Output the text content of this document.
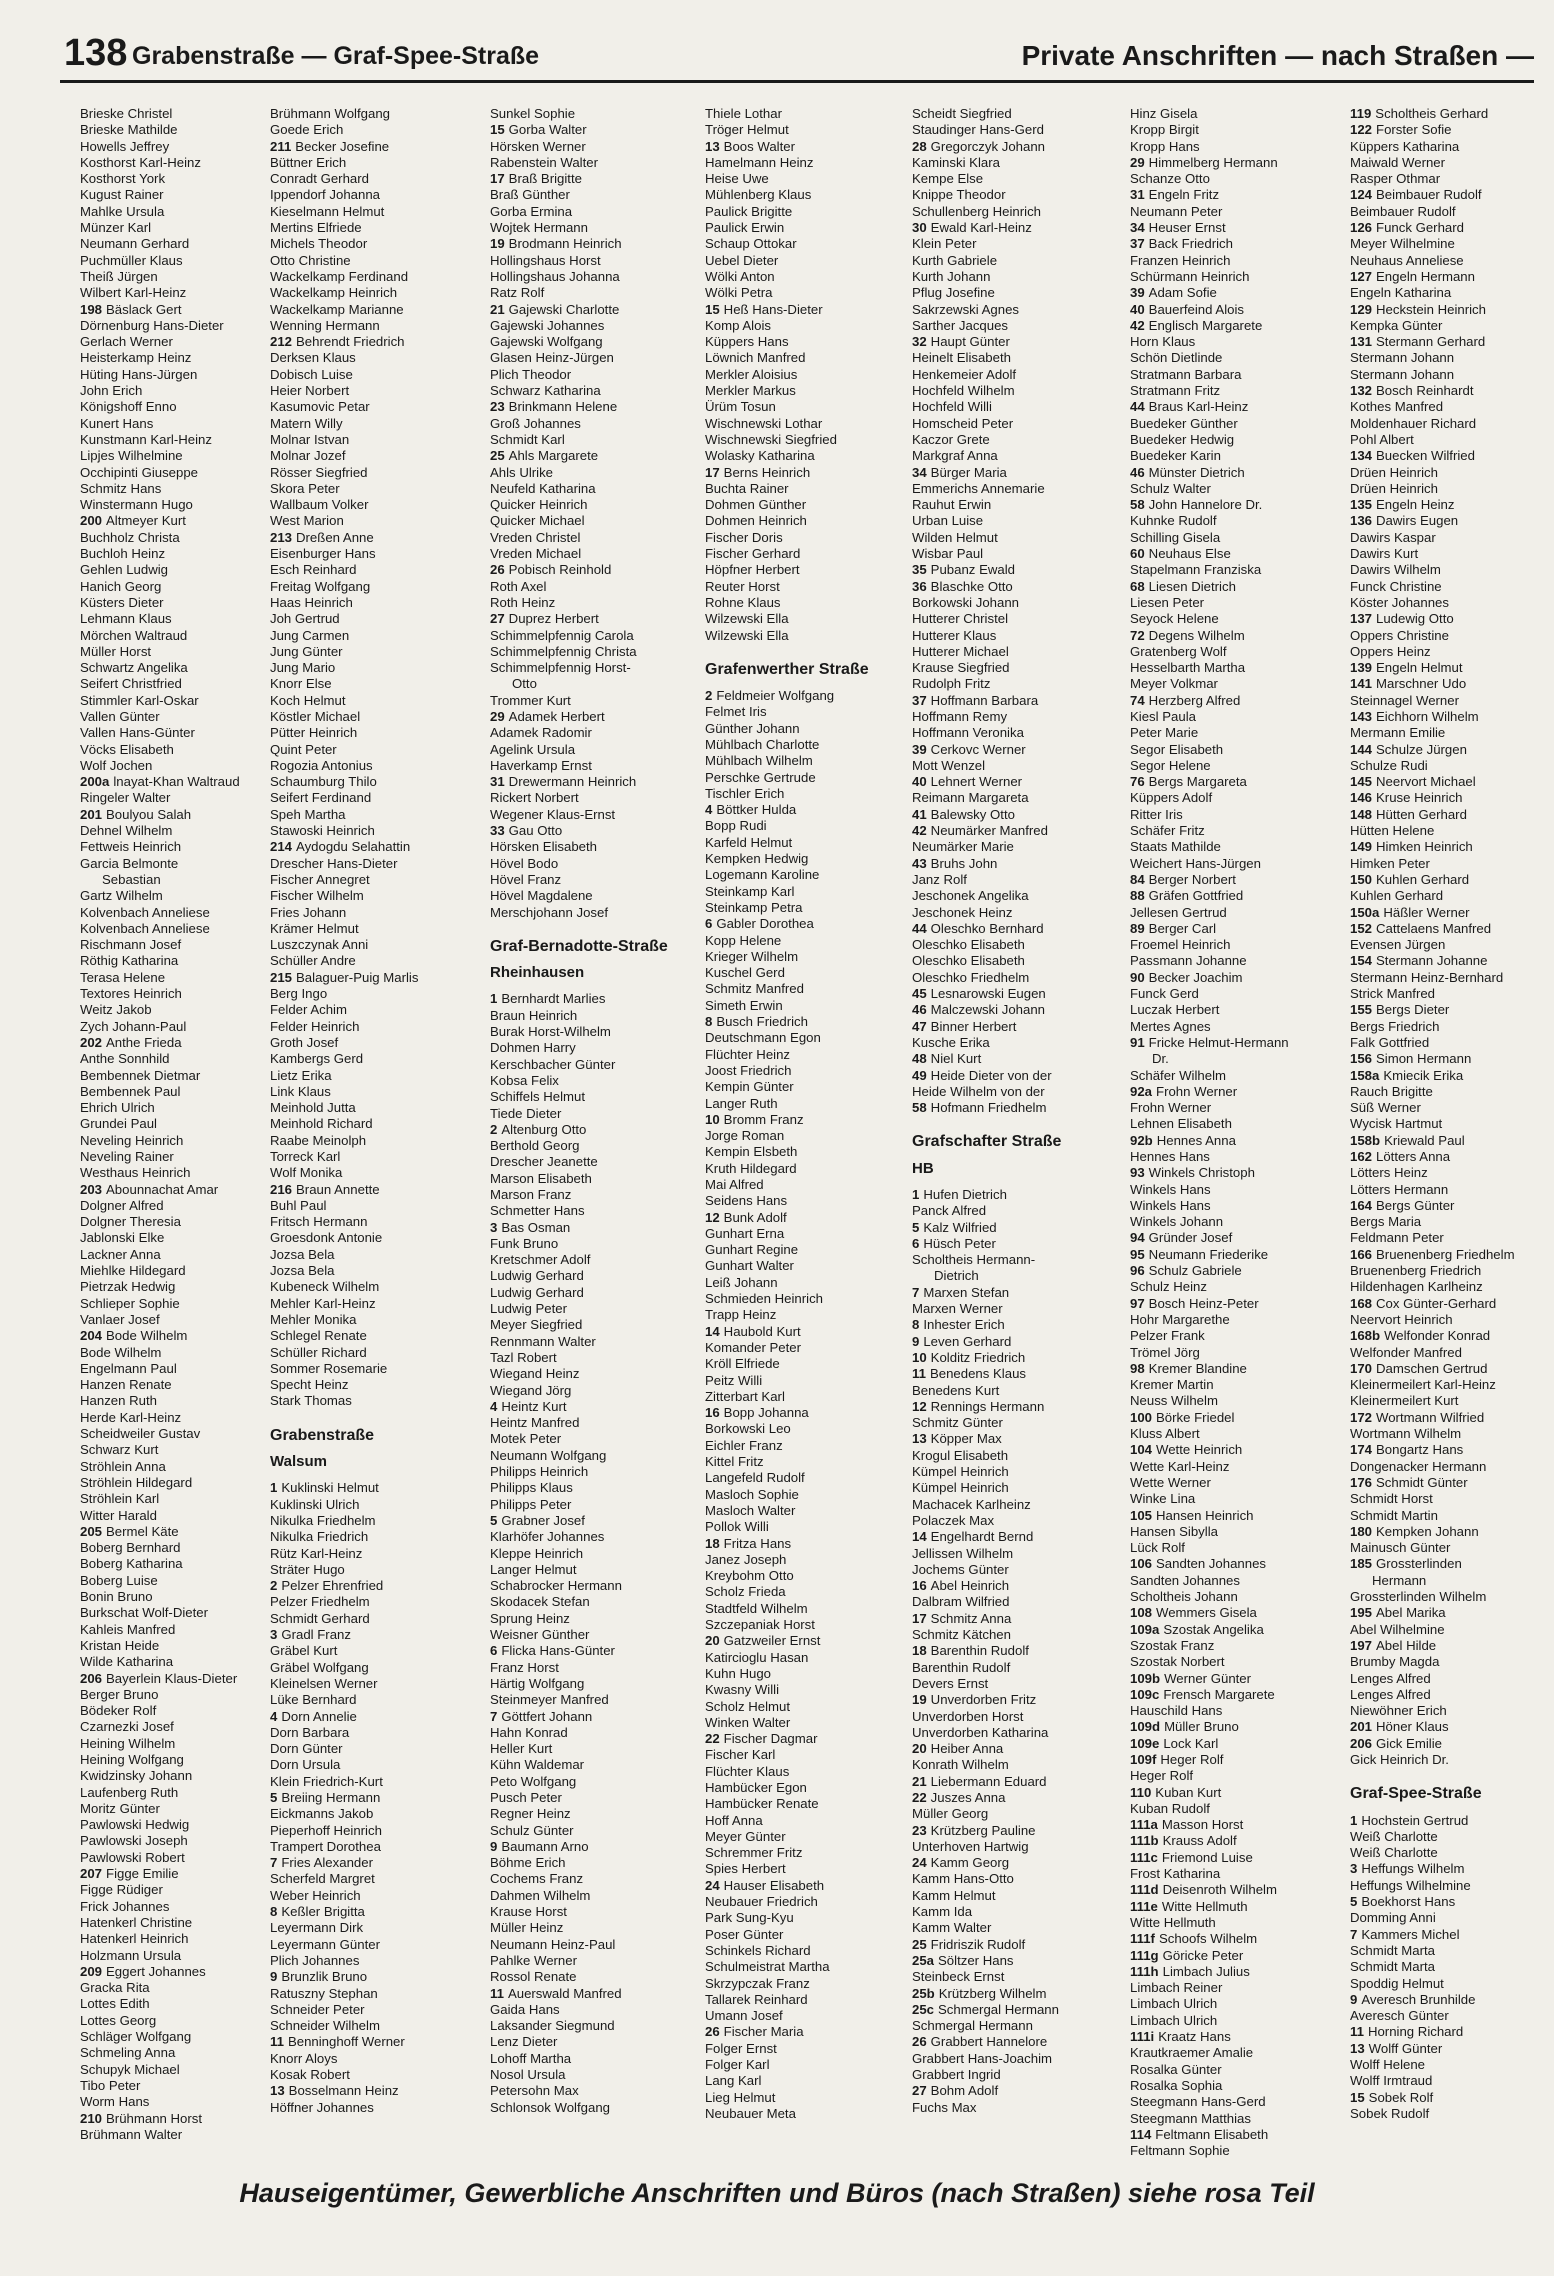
138 Grabenstraße — Graf-Spee-Straße	Private Anschriften — nach Straßen —
Brieske Christel
Brieske Mathilde
Howells Jeffrey
Kosthorst Karl-Heinz
Kosthorst York
Kugust Rainer
Mahlke Ursula
Münzer Karl
Neumann Gerhard
Puchmüller Klaus
Theiß Jürgen
Wilbert Karl-Heinz
198 Bäslack Gert
Dörnenburg Hans-Dieter
Gerlach Werner
Heisterkamp Heinz
Hüting Hans-Jürgen
John Erich
Königshoff Enno
Kunert Hans
Kunstmann Karl-Heinz
Lipjes Wilhelmine
Occhipinti Giuseppe
Schmitz Hans
Winstermann Hugo
200 Altmeyer Kurt
Buchholz Christa
Buchloh Heinz
Gehlen Ludwig
Hanich Georg
Küsters Dieter
Lehmann Klaus
Mörchen Waltraud
Müller Horst
Schwartz Angelika
Seifert Christfried
Stimmler Karl-Oskar
Vallen Günter
Vallen Hans-Günter
Vöcks Elisabeth
Wolf Jochen
200a lnayat-Khan Waltraud
Ringeler Walter
201 Boulyou Salah
Dehnel Wilhelm
Fettweis Heinrich
Garcia Belmonte
Sebastian
Gartz Wilhelm
Kolvenbach Anneliese
Kolvenbach Anneliese
Rischmann Josef
Röthig Katharina
Terasa Helene
Textores Heinrich
Weitz Jakob
Zych Johann-Paul
202 Anthe Frieda
Anthe Sonnhild
Bembennek Dietmar
Bembennek Paul
Ehrich Ulrich
Grundei Paul
Neveling Heinrich
Neveling Rainer
Westhaus Heinrich
203 Abounnachat Amar
Dolgner Alfred
Dolgner Theresia
Jablonski Elke
Lackner Anna
Miehlke Hildegard
Pietrzak Hedwig
Schlieper Sophie
Vanlaer Josef
204 Bode Wilhelm
Bode Wilhelm
Engelmann Paul
Hanzen Renate
Hanzen Ruth
Herde Karl-Heinz
Scheidweiler Gustav
Schwarz Kurt
Ströhlein Anna
Ströhlein Hildegard
Ströhlein Karl
Witter Harald
205 Bermel Käte
Boberg Bernhard
Boberg Katharina
Boberg Luise
Bonin Bruno
Burkschat Wolf-Dieter
Kahleis Manfred
Kristan Heide
Wilde Katharina
206 Bayerlein Klaus-Dieter
Berger Bruno
Bödeker Rolf
Czarnezki Josef
Heining Wilhelm
Heining Wolfgang
Kwidzinsky Johann
Laufenberg Ruth
Moritz Günter
Pawlowski Hedwig
Pawlowski Joseph
Pawlowski Robert
207 Figge Emilie
Figge Rüdiger
Frick Johannes
Hatenkerl Christine
Hatenkerl Heinrich
Holzmann Ursula
209 Eggert Johannes
Gracka Rita
Lottes Edith
Lottes Georg
Schläger Wolfgang
Schmeling Anna
Schupyk Michael
Tibo Peter
Worm Hans
210 Brühmann Horst
Brühmann Walter
Brühmann Wolfgang
Goede Erich
211 Becker Josefine
Büttner Erich
Conradt Gerhard
Ippendorf Johanna
Kieselmann Helmut
Mertins Elfriede
Michels Theodor
Otto Christine
Wackelkamp Ferdinand
Wackelkamp Heinrich
Wackelkamp Marianne
Wenning Hermann
212 Behrendt Friedrich
Derksen Klaus
Dobisch Luise
Heier Norbert
Kasumovic Petar
Matern Willy
Molnar Istvan
Molnar Jozef
Rösser Siegfried
Skora Peter
Wallbaum Volker
West Marion
213 Dreßen Anne
Eisenburger Hans
Esch Reinhard
Freitag Wolfgang
Haas Heinrich
Joh Gertrud
Jung Carmen
Jung Günter
Jung Mario
Knorr Else
Koch Helmut
Köstler Michael
Pütter Heinrich
Quint Peter
Rogozia Antonius
Schaumburg Thilo
Seifert Ferdinand
Speh Martha
Stawoski Heinrich
214 Aydogdu Selahattin
Drescher Hans-Dieter
Fischer Annegret
Fischer Wilhelm
Fries Johann
Krämer Helmut
Luszczynak Anni
Schüller Andre
215 Balaguer-Puig Marlis
Berg Ingo
Felder Achim
Felder Heinrich
Groth Josef
Kambergs Gerd
Lietz Erika
Link Klaus
Meinhold Jutta
Meinhold Richard
Raabe Meinolph
Torreck Karl
Wolf Monika
216 Braun Annette
Buhl Paul
Fritsch Hermann
Groesdonk Antonie
Jozsa Bela
Jozsa Bela
Kubeneck Wilhelm
Mehler Karl-Heinz
Mehler Monika
Schlegel Renate
Schüller Richard
Sommer Rosemarie
Specht Heinz
Stark Thomas
Grabenstraße
Walsum
1 Kuklinski Helmut
Kuklinski Ulrich
Nikulka Friedhelm
Nikulka Friedrich
Rütz Karl-Heinz
Sträter Hugo
2 Pelzer Ehrenfried
Pelzer Friedhelm
Schmidt Gerhard
3 Gradl Franz
Gräbel Kurt
Gräbel Wolfgang
Kleinelsen Werner
Lüke Bernhard
4 Dorn Annelie
Dorn Barbara
Dorn Günter
Dorn Ursula
Klein Friedrich-Kurt
5 Breiing Hermann
Eickmanns Jakob
Pieperhoff Heinrich
Trampert Dorothea
7 Fries Alexander
Scherfeld Margret
Weber Heinrich
8 Keßler Brigitta
Leyermann Dirk
Leyermann Günter
Plich Johannes
9 Brunzlik Bruno
Ratuszny Stephan
Schneider Peter
Schneider Wilhelm
11 Benninghoff Werner
Knorr Aloys
Kosak Robert
13 Bosselmann Heinz
Höffner Johannes
Sunkel Sophie
15 Gorba Walter
Hörsken Werner
Rabenstein Walter
17 Braß Brigitte
Braß Günther
Gorba Ermina
Wojtek Hermann
19 Brodmann Heinrich
Hollingshaus Horst
Hollingshaus Johanna
Ratz Rolf
21 Gajewski Charlotte
Gajewski Johannes
Gajewski Wolfgang
Glasen Heinz-Jürgen
Plich Theodor
Schwarz Katharina
23 Brinkmann Helene
Groß Johannes
Schmidt Karl
25 Ahls Margarete
Ahls Ulrike
Neufeld Katharina
Quicker Heinrich
Quicker Michael
Vreden Christel
Vreden Michael
26 Pobisch Reinhold
Roth Axel
Roth Heinz
27 Duprez Herbert
Schimmelpfennig Carola
Schimmelpfennig Christa
Schimmelpfennig Horst-
Otto
Trommer Kurt
29 Adamek Herbert
Adamek Radomir
Agelink Ursula
Haverkamp Ernst
31 Drewermann Heinrich
Rickert Norbert
Wegener Klaus-Ernst
33 Gau Otto
Hörsken Elisabeth
Hövel Bodo
Hövel Franz
Hövel Magdalene
Merschjohann Josef
Graf-Bernadotte-Straße
Rheinhausen
1 Bernhardt Marlies
Braun Heinrich
Burak Horst-Wilhelm
Dohmen Harry
Kerschbacher Günter
Kobsa Felix
Schiffels Helmut
Tiede Dieter
2 Altenburg Otto
Berthold Georg
Drescher Jeanette
Marson Elisabeth
Marson Franz
Schmetter Hans
3 Bas Osman
Funk Bruno
Kretschmer Adolf
Ludwig Gerhard
Ludwig Gerhard
Ludwig Peter
Meyer Siegfried
Rennmann Walter
Tazl Robert
Wiegand Heinz
Wiegand Jörg
4 Heintz Kurt
Heintz Manfred
Motek Peter
Neumann Wolfgang
Philipps Heinrich
Philipps Klaus
Philipps Peter
5 Grabner Josef
Klarhöfer Johannes
Kleppe Heinrich
Langer Helmut
Schabrocker Hermann
Skodacek Stefan
Sprung Heinz
Weisner Günther
6 Flicka Hans-Günter
Franz Horst
Härtig Wolfgang
Steinmeyer Manfred
7 Göttfert Johann
Hahn Konrad
Heller Kurt
Kühn Waldemar
Peto Wolfgang
Pusch Peter
Regner Heinz
Schulz Günter
9 Baumann Arno
Böhme Erich
Cochems Franz
Dahmen Wilhelm
Krause Horst
Müller Heinz
Neumann Heinz-Paul
Pahlke Werner
Rossol Renate
11 Auerswald Manfred
Gaida Hans
Laksander Siegmund
Lenz Dieter
Lohoff Martha
Nosol Ursula
Petersohn Max
Schlonsok Wolfgang
Thiele Lothar
Tröger Helmut
13 Boos Walter
Hamelmann Heinz
Heise Uwe
Mühlenberg Klaus
Paulick Brigitte
Paulick Erwin
Schaup Ottokar
Uebel Dieter
Wölki Anton
Wölki Petra
15 Heß Hans-Dieter
Komp Alois
Küppers Hans
Löwnich Manfred
Merkler Aloisius
Merkler Markus
Ürüm Tosun
Wischnewski Lothar
Wischnewski Siegfried
Wolasky Katharina
17 Berns Heinrich
Buchta Rainer
Dohmen Günther
Dohmen Heinrich
Fischer Doris
Fischer Gerhard
Höpfner Herbert
Reuter Horst
Rohne Klaus
Wilzewski Ella
Wilzewski Ella
Grafenwerther Straße
2 Feldmeier Wolfgang
Felmet Iris
Günther Johann
Mühlbach Charlotte
Mühlbach Wilhelm
Perschke Gertrude
Tischler Erich
4 Böttker Hulda
Bopp Rudi
Karfeld Helmut
Kempken Hedwig
Logemann Karoline
Steinkamp Karl
Steinkamp Petra
6 Gabler Dorothea
Kopp Helene
Krieger Wilhelm
Kuschel Gerd
Schmitz Manfred
Simeth Erwin
8 Busch Friedrich
Deutschmann Egon
Flüchter Heinz
Joost Friedrich
Kempin Günter
Langer Ruth
10 Bromm Franz
Jorge Roman
Kempin Elsbeth
Kruth Hildegard
Mai Alfred
Seidens Hans
12 Bunk Adolf
Gunhart Erna
Gunhart Regine
Gunhart Walter
Leiß Johann
Schmieden Heinrich
Trapp Heinz
14 Haubold Kurt
Komander Peter
Kröll Elfriede
Peitz Willi
Zitterbart Karl
16 Bopp Johanna
Borkowski Leo
Eichler Franz
Kittel Fritz
Langefeld Rudolf
Masloch Sophie
Masloch Walter
Pollok Willi
18 Fritza Hans
Janez Joseph
Kreybohm Otto
Scholz Frieda
Stadtfeld Wilhelm
Szczepaniak Horst
20 Gatzweiler Ernst
Katircioglu Hasan
Kuhn Hugo
Kwasny Willi
Scholz Helmut
Winken Walter
22 Fischer Dagmar
Fischer Karl
Flüchter Klaus
Hambücker Egon
Hambücker Renate
Hoff Anna
Meyer Günter
Schremmer Fritz
Spies Herbert
24 Hauser Elisabeth
Neubauer Friedrich
Park Sung-Kyu
Poser Günter
Schinkels Richard
Schulmeistrat Martha
Skrzypczak Franz
Tallarek Reinhard
Umann Josef
26 Fischer Maria
Folger Ernst
Folger Karl
Lang Karl
Lieg Helmut
Neubauer Meta
Scheidt Siegfried
Staudinger Hans-Gerd
28 Gregorczyk Johann
Kaminski Klara
Kempe Else
Knippe Theodor
Schullenberg Heinrich
30 Ewald Karl-Heinz
Klein Peter
Kurth Gabriele
Kurth Johann
Pflug Josefine
Sakrzewski Agnes
Sarther Jacques
32 Haupt Günter
Heinelt Elisabeth
Henkemeier Adolf
Hochfeld Wilhelm
Hochfeld Willi
Homscheid Peter
Kaczor Grete
Markgraf Anna
34 Bürger Maria
Emmerichs Annemarie
Rauhut Erwin
Urban Luise
Wilden Helmut
Wisbar Paul
35 Pubanz Ewald
36 Blaschke Otto
Borkowski Johann
Hutterer Christel
Hutterer Klaus
Hutterer Michael
Krause Siegfried
Rudolph Fritz
37 Hoffmann Barbara
Hoffmann Remy
Hoffmann Veronika
39 Cerkovc Werner
Mott Wenzel
40 Lehnert Werner
Reimann Margareta
41 Balewsky Otto
42 Neumärker Manfred
Neumärker Marie
43 Bruhs John
Janz Rolf
Jeschonek Angelika
Jeschonek Heinz
44 Oleschko Bernhard
Oleschko Elisabeth
Oleschko Elisabeth
Oleschko Friedhelm
45 Lesnarowski Eugen
46 Malczewski Johann
47 Binner Herbert
Kusche Erika
48 Niel Kurt
49 Heide Dieter von der
Heide Wilhelm von der
58 Hofmann Friedhelm
Grafschafter Straße
HB
1 Hufen Dietrich
Panck Alfred
5 Kalz Wilfried
6 Hüsch Peter
Scholtheis Hermann-
Dietrich
7 Marxen Stefan
Marxen Werner
8 Inhester Erich
9 Leven Gerhard
10 Kolditz Friedrich
11 Benedens Klaus
Benedens Kurt
12 Rennings Hermann
Schmitz Günter
13 Köpper Max
Krogul Elisabeth
Kümpel Heinrich
Kümpel Heinrich
Machacek Karlheinz
Polaczek Max
14 Engelhardt Bernd
Jellissen Wilhelm
Jochems Günter
16 Abel Heinrich
Dalbram Wilfried
17 Schmitz Anna
Schmitz Kätchen
18 Barenthin Rudolf
Barenthin Rudolf
Devers Ernst
19 Unverdorben Fritz
Unverdorben Horst
Unverdorben Katharina
20 Heiber Anna
Konrath Wilhelm
21 Liebermann Eduard
22 Juszes Anna
Müller Georg
23 Krützberg Pauline
Unterhoven Hartwig
24 Kamm Georg
Kamm Hans-Otto
Kamm Helmut
Kamm Ida
Kamm Walter
25 Fridriszik Rudolf
25a Söltzer Hans
Steinbeck Ernst
25b Krützberg Wilhelm
25c Schmergal Hermann
Schmergal Hermann
26 Grabbert Hannelore
Grabbert Hans-Joachim
Grabbert Ingrid
27 Bohm Adolf
Fuchs Max
Hinz Gisela
Kropp Birgit
Kropp Hans
29 Himmelberg Hermann
Schanze Otto
31 Engeln Fritz
Neumann Peter
34 Heuser Ernst
37 Back Friedrich
Franzen Heinrich
Schürmann Heinrich
39 Adam Sofie
40 Bauerfeind Alois
42 Englisch Margarete
Horn Klaus
Schön Dietlinde
Stratmann Barbara
Stratmann Fritz
44 Braus Karl-Heinz
Buedeker Günther
Buedeker Hedwig
Buedeker Karin
46 Münster Dietrich
Schulz Walter
58 John Hannelore Dr.
Kuhnke Rudolf
Schilling Gisela
60 Neuhaus Else
Stapelmann Franziska
68 Liesen Dietrich
Liesen Peter
Seyock Helene
72 Degens Wilhelm
Gratenberg Wolf
Hesselbarth Martha
Meyer Volkmar
74 Herzberg Alfred
Kiesl Paula
Peter Marie
Segor Elisabeth
Segor Helene
76 Bergs Margareta
Küppers Adolf
Ritter Iris
Schäfer Fritz
Staats Mathilde
Weichert Hans-Jürgen
84 Berger Norbert
88 Gräfen Gottfried
Jellesen Gertrud
89 Berger Carl
Froemel Heinrich
Passmann Johanne
90 Becker Joachim
Funck Gerd
Luczak Herbert
Mertes Agnes
91 Fricke Helmut-Hermann
Dr.
Schäfer Wilhelm
92a Frohn Werner
Frohn Werner
Lehnen Elisabeth
92b Hennes Anna
Hennes Hans
93 Winkels Christoph
Winkels Hans
Winkels Hans
Winkels Johann
94 Gründer Josef
95 Neumann Friederike
96 Schulz Gabriele
Schulz Heinz
97 Bosch Heinz-Peter
Hohr Margarethe
Pelzer Frank
Trömel Jörg
98 Kremer Blandine
Kremer Martin
Neuss Wilhelm
100 Börke Friedel
Kluss Albert
104 Wette Heinrich
Wette Karl-Heinz
Wette Werner
Winke Lina
105 Hansen Heinrich
Hansen Sibylla
Lück Rolf
106 Sandten Johannes
Sandten Johannes
Scholtheis Johann
108 Wemmers Gisela
109a Szostak Angelika
Szostak Franz
Szostak Norbert
109b Werner Günter
109c Frensch Margarete
Hauschild Hans
109d Müller Bruno
109e Lock Karl
109f Heger Rolf
Heger Rolf
110 Kuban Kurt
Kuban Rudolf
111a Masson Horst
111b Krauss Adolf
111c Friemond Luise
Frost Katharina
111d Deisenroth Wilhelm
111e Witte Hellmuth
Witte Hellmuth
111f Schoofs Wilhelm
111g Göricke Peter
111h Limbach Julius
Limbach Reiner
Limbach Ulrich
Limbach Ulrich
111i Kraatz Hans
Krautkraemer Amalie
Rosalka Günter
Rosalka Sophia
Steegmann Hans-Gerd
Steegmann Matthias
114 Feltmann Elisabeth
Feltmann Sophie
119 Scholtheis Gerhard
122 Forster Sofie
Küppers Katharina
Maiwald Werner
Rasper Othmar
124 Beimbauer Rudolf
Beimbauer Rudolf
126 Funck Gerhard
Meyer Wilhelmine
Neuhaus Anneliese
127 Engeln Hermann
Engeln Katharina
129 Heckstein Heinrich
Kempka Günter
131 Stermann Gerhard
Stermann Johann
Stermann Johann
132 Bosch Reinhardt
Kothes Manfred
Moldenhauer Richard
Pohl Albert
134 Buecken Wilfried
Drüen Heinrich
Drüen Heinrich
135 Engeln Heinz
136 Dawirs Eugen
Dawirs Kaspar
Dawirs Kurt
Dawirs Wilhelm
Funck Christine
Köster Johannes
137 Ludewig Otto
Oppers Christine
Oppers Heinz
139 Engeln Helmut
141 Marschner Udo
Steinnagel Werner
143 Eichhorn Wilhelm
Mermann Emilie
144 Schulze Jürgen
Schulze Rudi
145 Neervort Michael
146 Kruse Heinrich
148 Hütten Gerhard
Hütten Helene
149 Himken Heinrich
Himken Peter
150 Kuhlen Gerhard
Kuhlen Gerhard
150a Häßler Werner
152 Cattelaens Manfred
Evensen Jürgen
154 Stermann Johanne
Stermann Heinz-Bernhard
Strick Manfred
155 Bergs Dieter
Bergs Friedrich
Falk Gottfried
156 Simon Hermann
158a Kmiecik Erika
Rauch Brigitte
Süß Werner
Wycisk Hartmut
158b Kriewald Paul
162 Lötters Anna
Lötters Heinz
Lötters Hermann
164 Bergs Günter
Bergs Maria
Feldmann Peter
166 Bruenenberg Friedhelm
Bruenenberg Friedrich
Hildenhagen Karlheinz
168 Cox Günter-Gerhard
Neervort Heinrich
168b Welfonder Konrad
Welfonder Manfred
170 Damschen Gertrud
Kleinermeilert Karl-Heinz
Kleinermeilert Kurt
172 Wortmann Wilfried
Wortmann Wilhelm
174 Bongartz Hans
Dongenacker Hermann
176 Schmidt Günter
Schmidt Horst
Schmidt Martin
180 Kempken Johann
Mainusch Günter
185 Grossterlinden
Hermann
Grossterlinden Wilhelm
195 Abel Marika
Abel Wilhelmine
197 Abel Hilde
Brumby Magda
Lenges Alfred
Lenges Alfred
Niewöhner Erich
201 Höner Klaus
206 Gick Emilie
Gick Heinrich Dr.
Graf-Spee-Straße
1 Hochstein Gertrud
Weiß Charlotte
Weiß Charlotte
3 Heffungs Wilhelm
Heffungs Wilhelmine
5 Boekhorst Hans
Domming Anni
7 Kammers Michel
Schmidt Marta
Schmidt Marta
Spoddig Helmut
9 Averesch Brunhilde
Averesch Günter
11 Horning Richard
13 Wolff Günter
Wolff Helene
Wolff Irmtraud
15 Sobek Rolf
Sobek Rudolf
Hauseigentümer, Gewerbliche Anschriften und Büros (nach Straßen) siehe rosa Teil
